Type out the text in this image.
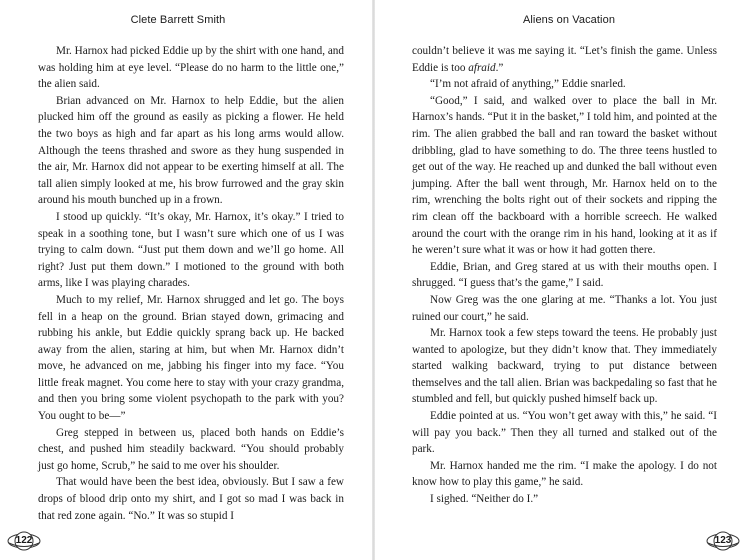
Clete Barrett Smith

Mr. Harnox had picked Eddie up by the shirt with one hand, and was holding him at eye level. “Please do no harm to the little one,” the alien said.

Brian advanced on Mr. Harnox to help Eddie, but the alien plucked him off the ground as easily as picking a flower. He held the two boys as high and far apart as his long arms would allow. Although the teens thrashed and swore as they hung suspended in the air, Mr. Harnox did not appear to be exerting himself at all. The tall alien simply looked at me, his brow furrowed and the gray skin around his mouth bunched up in a frown.

I stood up quickly. “It’s okay, Mr. Harnox, it’s okay.” I tried to speak in a soothing tone, but I wasn’t sure which one of us I was trying to calm down. “Just put them down and we’ll go home. All right? Just put them down.” I motioned to the ground with both arms, like I was playing charades.

Much to my relief, Mr. Harnox shrugged and let go. The boys fell in a heap on the ground. Brian stayed down, grimacing and rubbing his ankle, but Eddie quickly sprang back up. He backed away from the alien, staring at him, but when Mr. Harnox didn’t move, he advanced on me, jabbing his finger into my face. “You little freak magnet. You come here to stay with your crazy grandma, and then you bring some violent psychopath to the park with you? You ought to be—”

Greg stepped in between us, placed both hands on Eddie’s chest, and pushed him steadily backward. “You should probably just go home, Scrub,” he said to me over his shoulder.

That would have been the best idea, obviously. But I saw a few drops of blood drip onto my shirt, and I got so mad I was back in that red zone again. “No.” It was so stupid I

122
Aliens on Vacation

couldn’t believe it was me saying it. “Let’s finish the game. Unless Eddie is too afraid.”

“I’m not afraid of anything,” Eddie snarled.

“Good,” I said, and walked over to place the ball in Mr. Harnox’s hands. “Put it in the basket,” I told him, and pointed at the rim. The alien grabbed the ball and ran toward the basket without dribbling, glad to have something to do. The three teens hustled to get out of the way. He reached up and dunked the ball without even jumping. After the ball went through, Mr. Harnox held on to the rim, wrenching the bolts right out of their sockets and ripping the rim clean off the backboard with a horrible screech. He walked around the court with the orange rim in his hand, looking at it as if he weren’t sure what it was or how it had gotten there.

Eddie, Brian, and Greg stared at us with their mouths open. I shrugged. “I guess that’s the game,” I said.

Now Greg was the one glaring at me. “Thanks a lot. You just ruined our court,” he said.

Mr. Harnox took a few steps toward the teens. He probably just wanted to apologize, but they didn’t know that. They immediately started walking backward, trying to put distance between themselves and the tall alien. Brian was backpedaling so fast that he stumbled and fell, but quickly pushed himself back up.

Eddie pointed at us. “You won’t get away with this,” he said. “I will pay you back.” Then they all turned and stalked out of the park.

Mr. Harnox handed me the rim. “I make the apology. I do not know how to play this game,” he said.

I sighed. “Neither do I.”

123
